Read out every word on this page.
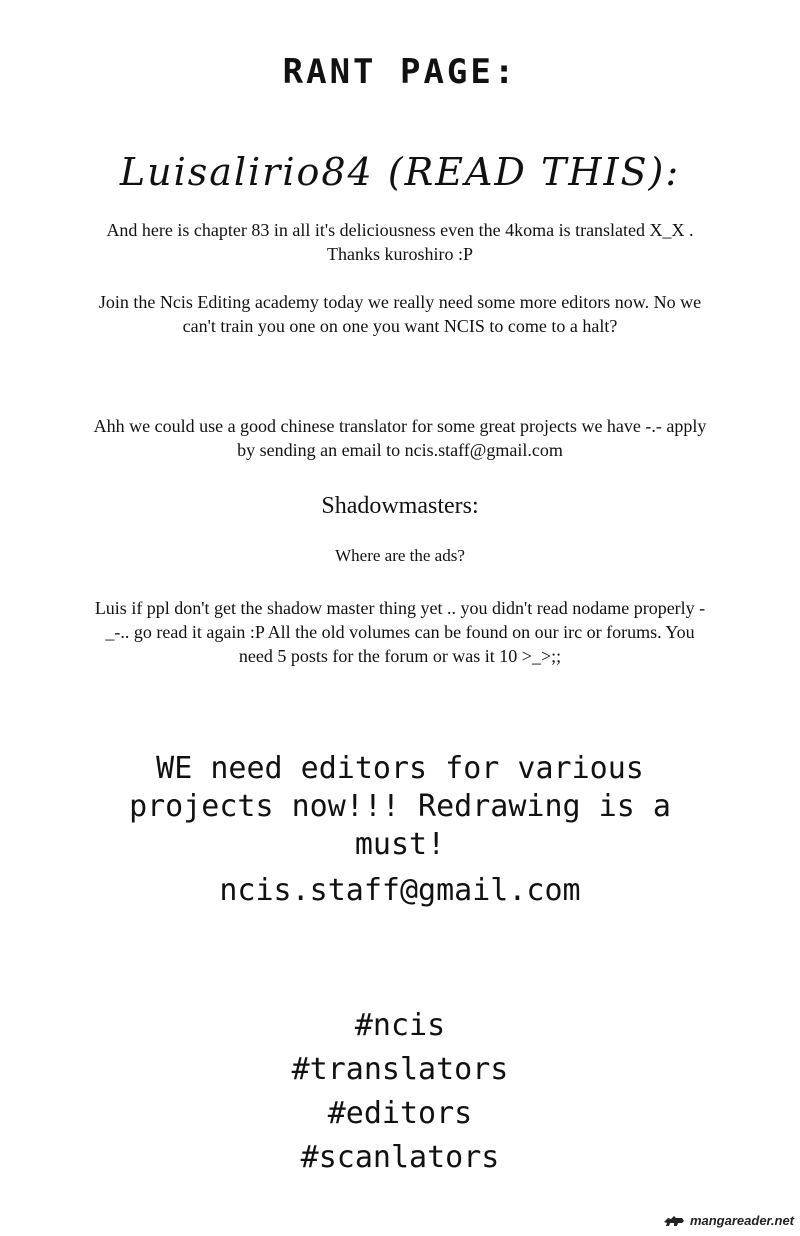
RANT PAGE:
Luisalirio84 (READ THIS):
And here is chapter 83 in all it's deliciousness even the 4koma is translated X_X . Thanks kuroshiro :P
Join the Ncis Editing academy today we really need some more editors now. No we can't train you one on one you want NCIS to come to a halt?
Ahh we could use a good chinese translator for some great projects we have -.- apply by sending an email to ncis.staff@gmail.com
Shadowmasters:
Where are the ads?
Luis if ppl don't get the shadow master thing yet .. you didn't read nodame properly -_-.. go read it again :P All the old volumes can be found on our irc or forums. You need 5 posts for the forum or was it 10 >_>;;
WE need editors for various projects now!!! Redrawing is a must!
ncis.staff@gmail.com
#ncis
#translators
#editors
#scanlators
mangareader.net
